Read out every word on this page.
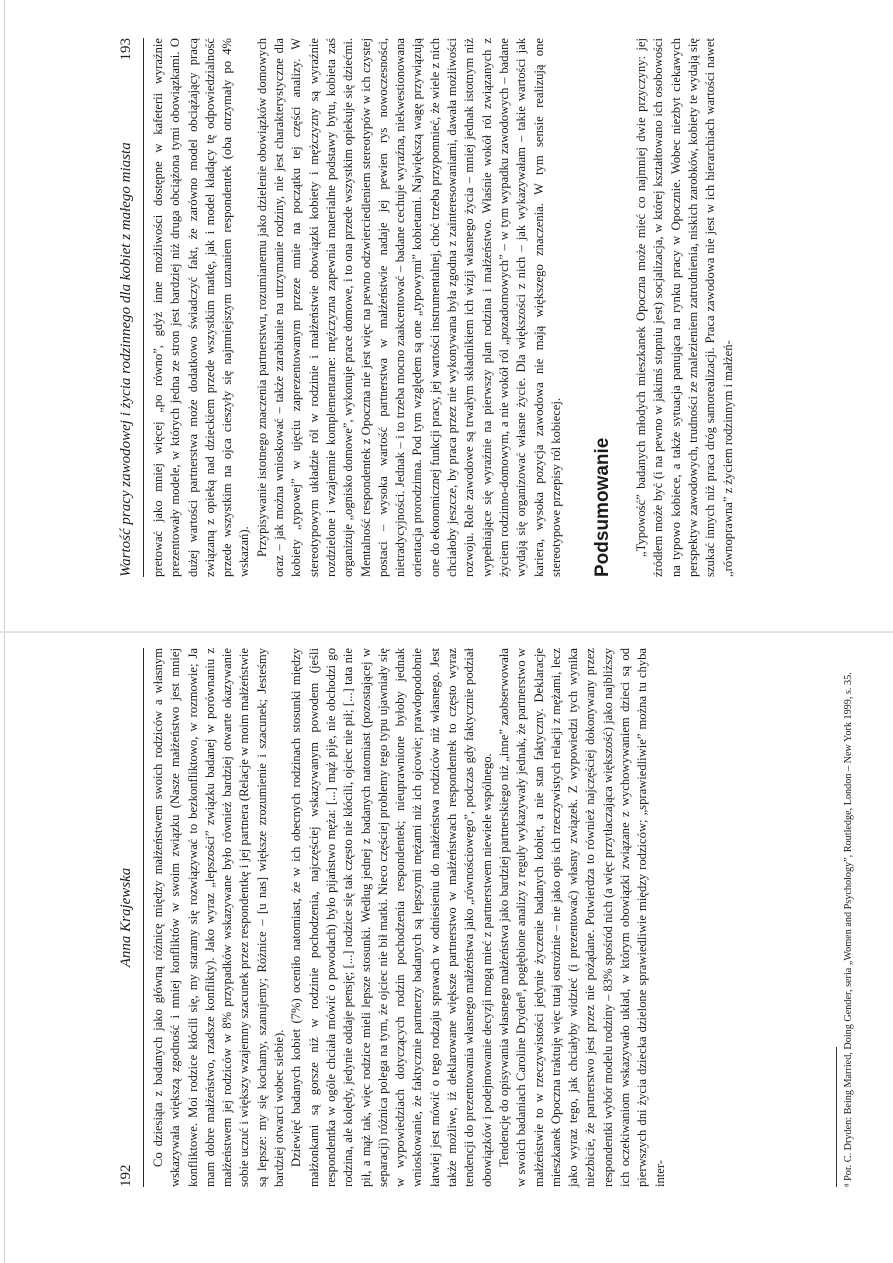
192
Anna Krajewska Co dziesiąta z badanych jako główną różnicę między małżeństwem swoich rodziców a własnym wskazywała większą zgodność i mniej konfliktów w swoim związku (Nasze małżeństwo jest mniej konfliktowe. Moi rodzice kłócili się, my staramy się rozwiązywać to bezkonfliktowo, w rozmowie; Ja mam dobre małżeństwo, rzadsze konflikty). Jako wyraz „lepszości” związku badanej w porównaniu z małżeństwem jej rodziców w 8% przypadków wskazywane było również bardziej otwarte okazywanie sobie uczuć i większy wzajemny szacunek przez respondentkę i jej partnera (Relacje w moim małżeństwie są lepsze: my się kochamy, szanujemy; Różnice – [u nas] większe zrozumienie i szacunek; Jesteśmy bardziej otwarci wobec siebie). Dziewięć badanych kobiet (7%) oceniło natomiast, że w ich obecnych rodzinach stosunki między małżonkami są gorsze niż w rodzinie pochodzenia, najczęściej wskazywanym powodem (jeśli respondentka w ogóle chciała mówić o powodach) było pijaństwo męża: [...] mąż pije, nie obchodzi go rodzina, ale kolędy, jedynie oddaje pensję; [...] rodzice się tak często nie kłócili, ojciec nie pił; [...] tata nie pił, a mąż tak, więc rodzice mieli lepsze stosunki. Według jednej z badanych natomiast (pozostającej w separacji) różnica polega na tym, że ojciec nie bił matki. Nieco częściej problemy tego typu ujawniały się w wypowiedziach dotyczących rodzin pochodzenia respondentek; nieuprawnione byłoby jednak wnioskowanie, że faktycznie partnerzy badanych są lepszymi mężami niż ich ojcowie; prawdopodobnie łatwiej jest mówić o tego rodzaju sprawach w odniesieniu do małżeństwa rodziców niż własnego. Jest także możliwe, iż deklarowane większe partnerstwo w małżeństwach respondentek to często wyraz tendencji do prezentowania własnego małżeństwa jako „równościowego”, podczas gdy faktycznie podział obowiązków i podejmowanie decyzji mogą mieć z partnerstwem niewiele wspólnego. Tendencję do opisywania własnego małżeństwa jako bardziej partnerskiego niż „inne” zaobserwowała w swoich badaniach Caroline Dryden⁸, pogłębione analizy z reguły wykazywały jednak, że partnerstwo w małżeństwie to w rzeczywistości jedynie życzenie badanych kobiet, a nie stan faktyczny. Deklaracje mieszkanek Opoczna traktuję więc tutaj ostrożnie – nie jako opis ich rzeczywistych relacji z mężami, lecz jako wyraz tego, jak chciałyby widzieć (i prezentować) własny związek. Z wypowiedzi tych wynika niezbicie, że partnerstwo jest przez nie pożądane. Potwierdza to również najczęściej dokonywany przez respondentki wybór modelu rodziny – 83% spośród nich (a więc przytłaczająca większość) jako najbliższy ich oczekiwaniom wskazywało układ, w którym obowiązki związane z wychowywaniem dzieci są od pierwszych dni życia dziecka dzielone sprawiedliwie między rodziców; „sprawiedliwie” można tu chyba inter-	⁸ Por. C. Dryden: Being Married, Doing Gender, seria „Women and Psychology”, Routledge, London – New York 1999, s. 35.
Wartość pracy zawodowej i życia rodzinnego dla kobiet z małego miasta
193 pretować jako mniej więcej „po równo”, gdyż inne możliwości dostępne w kafeterii wyraźnie prezentowały modele, w których jedna ze stron jest bardziej niż druga obciążona tymi obowiązkami. O dużej wartości partnerstwa może dodatkowo świadczyć fakt, że zarówno model obciążający pracą związaną z opieką nad dzieckiem przede wszystkim matkę, jak i model kładący tę odpowiedzialność przede wszystkim na ojca cieszyły się najmniejszym uznaniem respondentek (oba otrzymały po 4% wskazań). Przypisywanie istotnego znaczenia partnerstwu, rozumianemu jako dzielenie obowiązków domowych oraz – jak można wnioskować – także zarabianie na utrzymanie rodziny, nie jest charakterystyczne dla kobiety „typowej” w ujęciu zaprezentowanym przeze mnie na początku tej części analizy. W stereotypowym układzie ról w rodzinie i małżeństwie obowiązki kobiety i mężczyzny są wyraźnie rozdzielone i wzajemnie komplementarne: mężczyzna zapewnia materialne podstawy bytu, kobieta zaś organizuje „ognisko domowe”, wykonuje prace domowe, i to ona przede wszystkim opiekuje się dziećmi. Mentalność respondentek z Opoczna nie jest więc na pewno odzwierciedleniem stereotypów w ich czystej postaci – wysoka wartość partnerstwa w małżeństwie nadaje jej pewien rys nowoczesności, nietradycyjności. Jednak – i to trzeba mocno zaakcentować – badane cechuje wyraźna, niekwestionowana orientacja prorodzinna. Pod tym względem są one „typowymi” kobietami. Największą wagę przywiązują one do ekonomicznej funkcji pracy, jej wartości instrumentalnej, choć trzeba przypomnieć, że wiele z nich chciałoby jeszcze, by praca przez nie wykonywana była zgodna z zainteresowaniami, dawała możliwości rozwoju. Role zawodowe są trwałym składnikiem ich wizji własnego życia – mniej jednak istotnym niż wypełniające się wyraźnie na pierwszy plan rodzina i małżeństwo. Właśnie wokół ról związanych z życiem rodzinno-domowym, a nie wokół ról „pozadomowych” – w tym wypadku zawodowych – badane wydają się organizować własne życie. Dla większości z nich – jak wykazywałam – takie wartości jak kariera, wysoka pozycja zawodowa nie mają większego znaczenia. W tym sensie realizują one stereotypowe przepisy ról kobiecej. Podsumowanie „Typowość” badanych młodych mieszkanek Opoczna może mieć co najmniej dwie przyczyny: jej źródłem może być (i na pewno w jakimś stopniu jest) socjalizacja, w której kształtowano ich osobowości na typowo kobiece, a także sytuacja panująca na rynku pracy w Opocznie. Wobec niezbyt ciekawych perspektyw zawodowych, trudności ze znalezieniem zatrudnienia, niskich zarobków, kobiety te wydają się szukać innych niż praca dróg samorealizacji. Praca zawodowa nie jest w ich hierarchiach wartości nawet „równoprawna” z życiem rodzinnym i małżeń-
